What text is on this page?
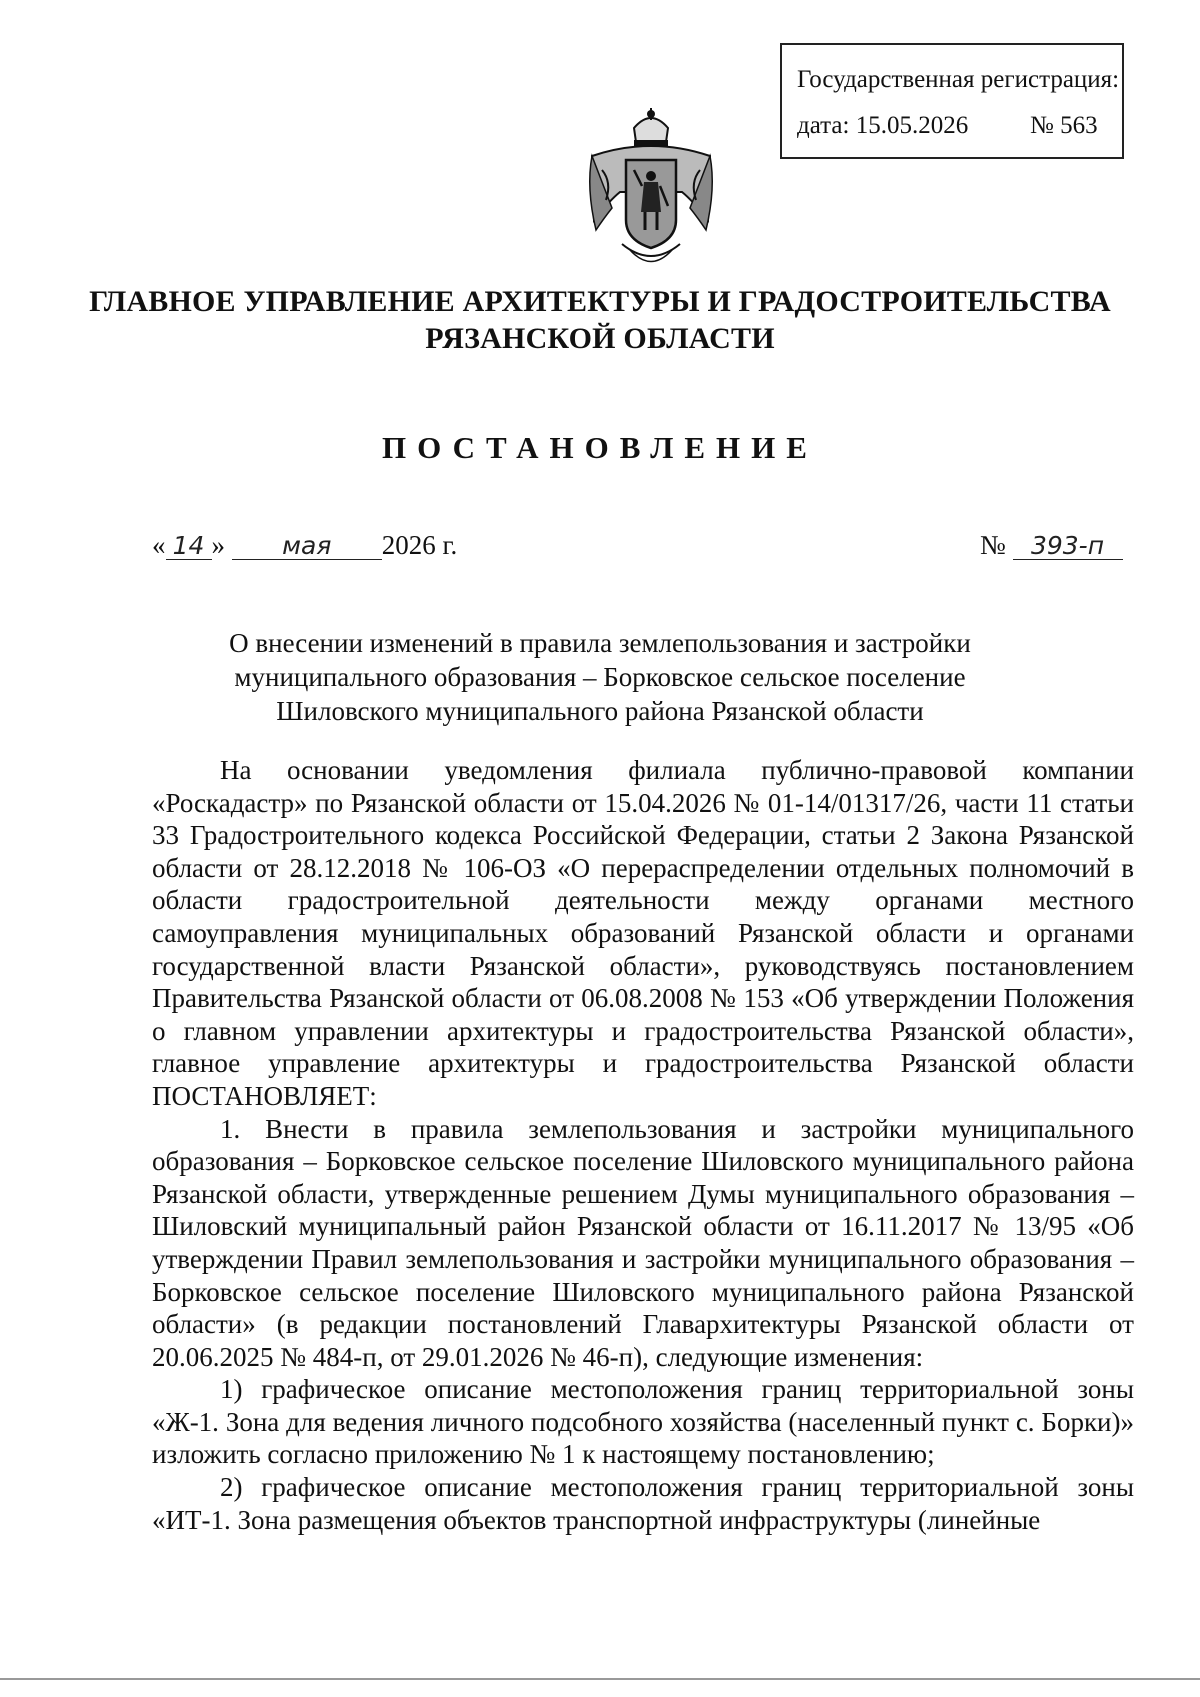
Государственная регистрация:
дата: 15.05.2026 № 563
ГЛАВНОЕ УПРАВЛЕНИЕ АРХИТЕКТУРЫ И ГРАДОСТРОИТЕЛЬСТВА
РЯЗАНСКОЙ ОБЛАСТИ
ПОСТАНОВЛЕНИЕ
« 14 » мая 2026 г.	№ 393-п
О внесении изменений в правила землепользования и застройки
муниципального образования – Борковское сельское поселение
Шиловского муниципального района Рязанской области

На основании уведомления филиала публично-правовой компании «Роскадастр» по Рязанской области от 15.04.2026 № 01-14/01317/26, части 11 статьи 33 Градостроительного кодекса Российской Федерации, статьи 2 Закона Рязанской области от 28.12.2018 № 106-ОЗ «О перераспределении отдельных полномочий в области градостроительной деятельности между органами местного самоуправления муниципальных образований Рязанской области и органами государственной власти Рязанской области», руководствуясь постановлением Правительства Рязанской области от 06.08.2008 № 153 «Об утверждении Положения о главном управлении архитектуры и градостроительства Рязанской области», главное управление архитектуры и градостроительства Рязанской области ПОСТАНОВЛЯЕТ:

1. Внести в правила землепользования и застройки муниципального образования – Борковское сельское поселение Шиловского муниципального района Рязанской области, утвержденные решением Думы муниципального образования – Шиловский муниципальный район Рязанской области от 16.11.2017 № 13/95 «Об утверждении Правил землепользования и застройки муниципального образования – Борковское сельское поселение Шиловского муниципального района Рязанской области» (в редакции постановлений Главархитектуры Рязанской области от 20.06.2025 № 484-п, от 29.01.2026 № 46-п), следующие изменения:

1) графическое описание местоположения границ территориальной зоны «Ж-1. Зона для ведения личного подсобного хозяйства (населенный пункт с. Борки)» изложить согласно приложению № 1 к настоящему постановлению;

2) графическое описание местоположения границ территориальной зоны «ИТ-1. Зона размещения объектов транспортной инфраструктуры (линейные
